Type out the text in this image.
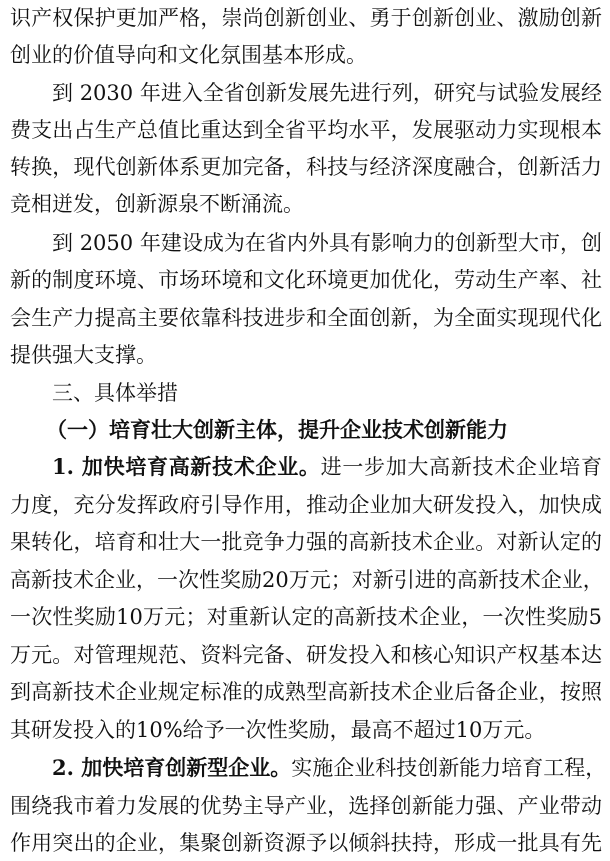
识产权保护更加严格，崇尚创新创业、勇于创新创业、激励创新
创业的价值导向和文化氛围基本形成。
到 2030 年进入全省创新发展先进行列，研究与试验发展经
费支出占生产总值比重达到全省平均水平，发展驱动力实现根本
转换，现代创新体系更加完备，科技与经济深度融合，创新活力
竞相迸发，创新源泉不断涌流。
到 2050 年建设成为在省内外具有影响力的创新型大市，创
新的制度环境、市场环境和文化环境更加优化，劳动生产率、社
会生产力提高主要依靠科技进步和全面创新，为全面实现现代化
提供强大支撑。
三、具体举措
（一）培育壮大创新主体，提升企业技术创新能力
1. 加快培育高新技术企业。进一步加大高新技术企业培育
力度，充分发挥政府引导作用，推动企业加大研发投入，加快成
果转化，培育和壮大一批竞争力强的高新技术企业。对新认定的
高新技术企业，一次性奖励20万元；对新引进的高新技术企业，
一次性奖励10万元；对重新认定的高新技术企业，一次性奖励5
万元。对管理规范、资料完备、研发投入和核心知识产权基本达
到高新技术企业规定标准的成熟型高新技术企业后备企业，按照
其研发投入的10%给予一次性奖励，最高不超过10万元。
2. 加快培育创新型企业。实施企业科技创新能力培育工程，
围绕我市着力发展的优势主导产业，选择创新能力强、产业带动
作用突出的企业，集聚创新资源予以倾斜扶持，形成一批具有先
